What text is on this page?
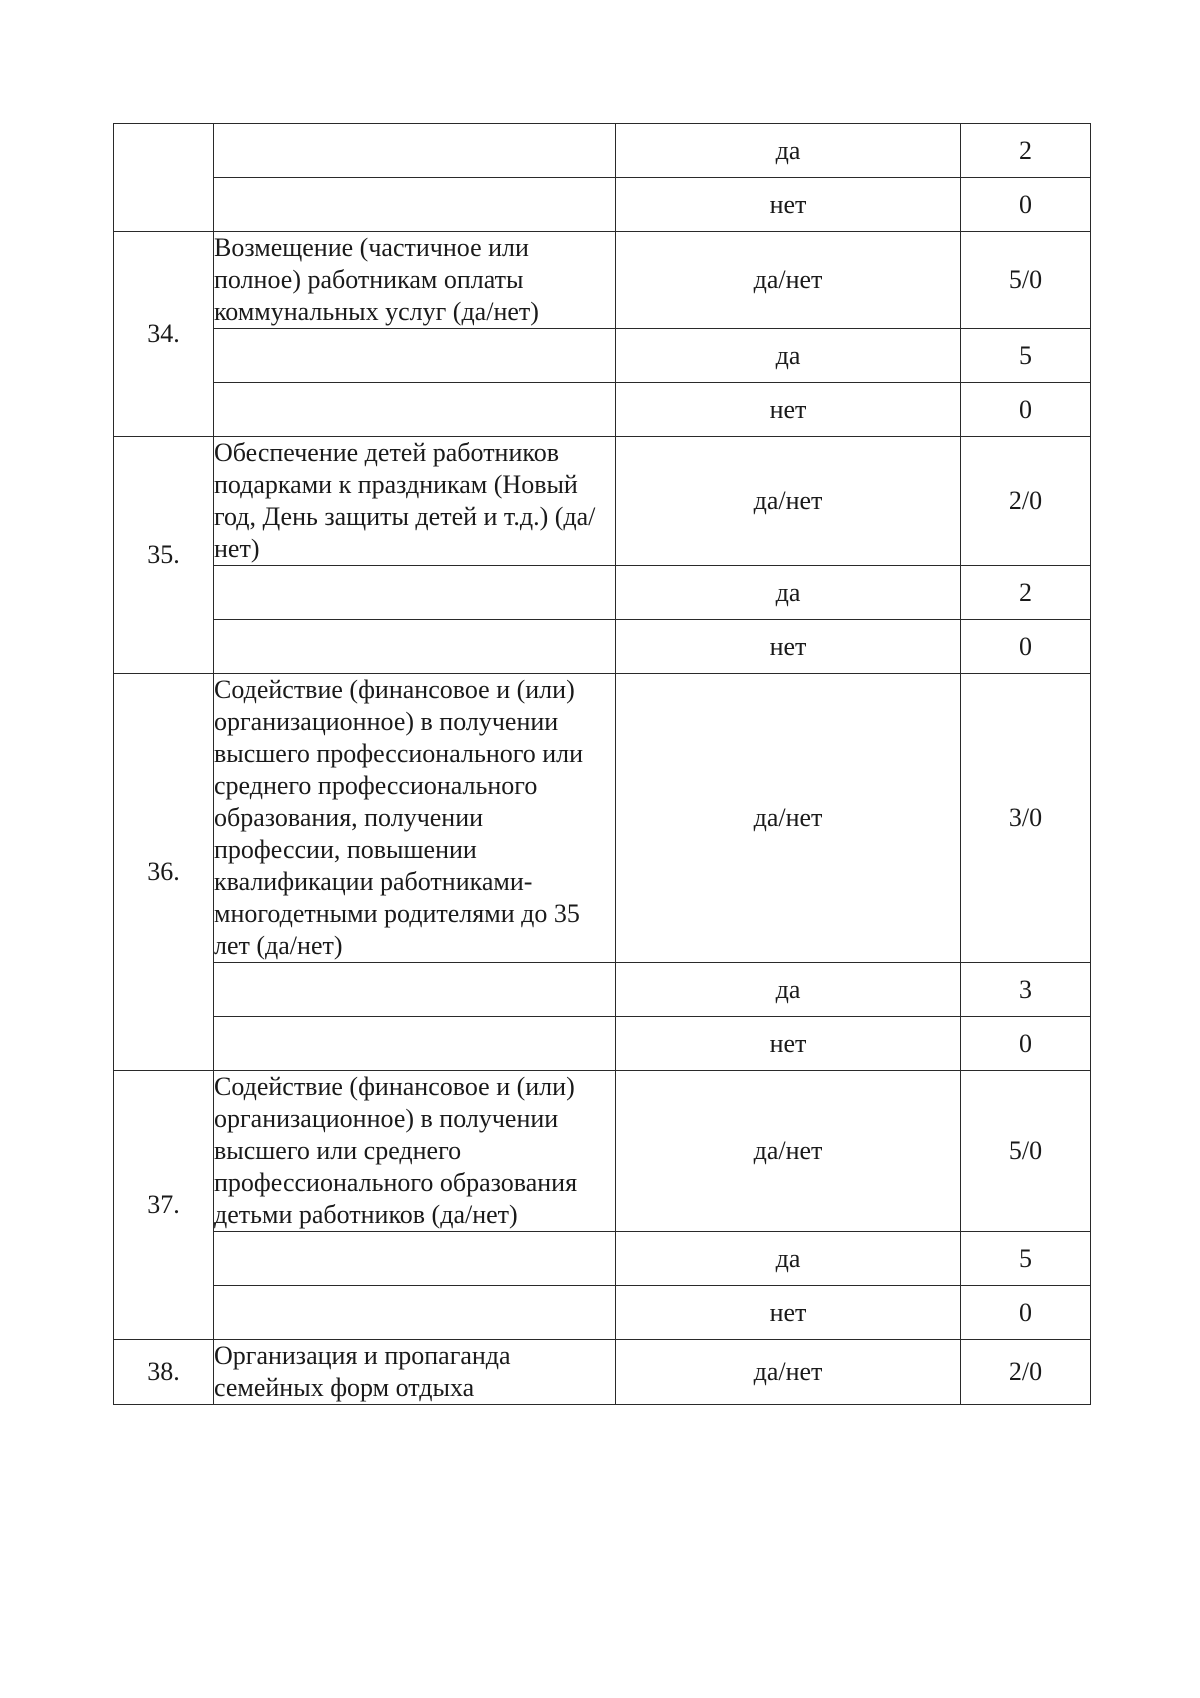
		да	2
		нет	0
34.	Возмещение (частичное или полное) работникам оплаты коммунальных услуг (да/нет)	да/нет	5/0
		да	5
		нет	0
35.	Обеспечение детей работников подарками к праздникам (Новый год, День защиты детей и т.д.) (да/нет)	да/нет	2/0
		да	2
		нет	0
36.	Содействие (финансовое и (или) организационное) в получении высшего профессионального или среднего профессионального образования, получении профессии, повышении квалификации работниками-многодетными родителями до 35 лет (да/нет)	да/нет	3/0
		да	3
		нет	0
37.	Содействие (финансовое и (или) организационное) в получении высшего или среднего профессионального образования детьми работников (да/нет)	да/нет	5/0
		да	5
		нет	0
38.	Организация и пропаганда семейных форм отдыха	да/нет	2/0
